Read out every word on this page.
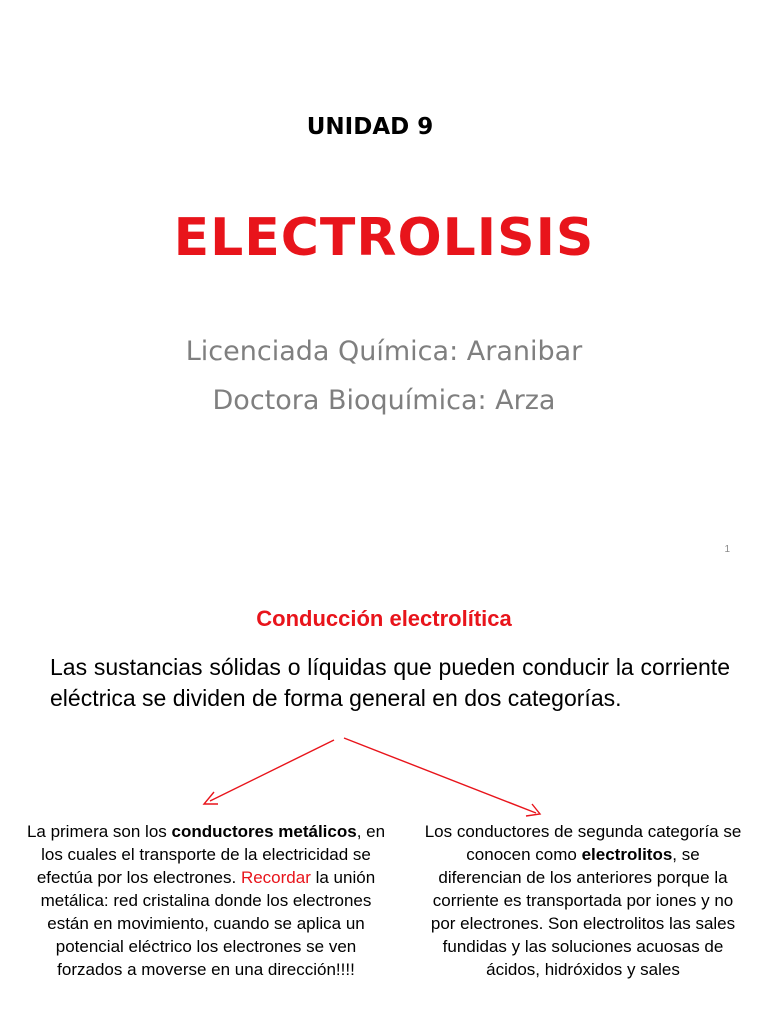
UNIDAD 9
ELECTROLISIS
Licenciada Química: Aranibar
Doctora Bioquímica: Arza
1
Conducción electrolítica
Las sustancias sólidas o líquidas que pueden conducir la corriente eléctrica se dividen de forma general en dos categorías.
La primera son los conductores metálicos, en los cuales el transporte de la electricidad se efectúa por los electrones. Recordar la unión metálica: red cristalina donde los electrones están en movimiento, cuando se aplica un potencial eléctrico los electrones se ven forzados a moverse en una dirección!!!!
Los conductores de segunda categoría se conocen como electrolitos, se diferencian de los anteriores porque la corriente es transportada por iones y no por electrones. Son electrolitos las sales fundidas y las soluciones acuosas de ácidos, hidróxidos y sales
